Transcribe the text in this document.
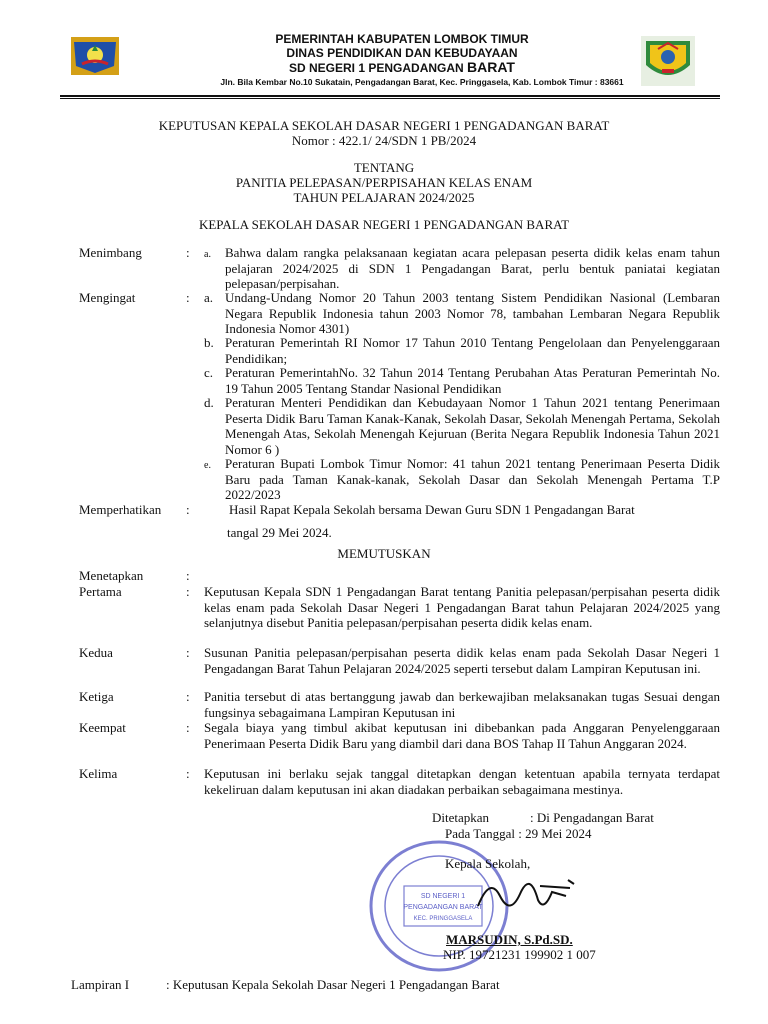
PEMERINTAH KABUPATEN LOMBOK TIMUR
DINAS PENDIDIKAN DAN KEBUDAYAAN
SD NEGERI 1 PENGADANGAN BARAT
Jln. Bila Kembar No.10 Sukatain, Pengadangan Barat, Kec. Pringgasela, Kab. Lombok Timur : 83661
KEPUTUSAN KEPALA SEKOLAH DASAR NEGERI 1 PENGADANGAN BARAT
Nomor : 422.1/ 24/SDN 1 PB/2024
TENTANG
PANITIA PELEPASAN/PERPISAHAN KELAS ENAM
TAHUN PELAJARAN 2024/2025
KEPALA SEKOLAH DASAR NEGERI 1 PENGADANGAN BARAT
Menimbang	: a. Bahwa dalam rangka pelaksanaan kegiatan acara pelepasan peserta didik kelas enam tahun pelajaran 2024/2025 di SDN 1 Pengadangan Barat, perlu bentuk paniatai kegiatan pelepasan/perpisahan.
Mengingat	: a. Undang-Undang Nomor 20 Tahun 2003 tentang Sistem Pendidikan Nasional (Lembaran Negara Republik Indonesia tahun 2003 Nomor 78, tambahan Lembaran Negara Republik Indonesia Nomor 4301)
b. Peraturan Pemerintah RI Nomor 17 Tahun 2010 Tentang Pengelolaan dan Penyelenggaraan Pendidikan;
c. Peraturan PemerintahNo. 32 Tahun 2014 Tentang Perubahan Atas Peraturan Pemerintah No. 19 Tahun 2005 Tentang Standar Nasional Pendidikan
d. Peraturan Menteri Pendidikan dan Kebudayaan Nomor 1 Tahun 2021 tentang Penerimaan Peserta Didik Baru Taman Kanak-Kanak, Sekolah Dasar, Sekolah Menengah Pertama, Sekolah Menengah Atas, Sekolah Menengah Kejuruan (Berita Negara Republik Indonesia Tahun 2021 Nomor 6 )
e. Peraturan Bupati Lombok Timur Nomor: 41 tahun 2021 tentang Penerimaan Peserta Didik Baru pada Taman Kanak-kanak, Sekolah Dasar dan Sekolah Menengah Pertama T.P 2022/2023
Memperhatikan :	Hasil Rapat Kepala Sekolah bersama Dewan Guru SDN 1 Pengadangan Barat
tangal 29 Mei 2024.
MEMUTUSKAN
Menetapkan	:
Pertama	: Keputusan Kepala SDN 1 Pengadangan Barat tentang Panitia pelepasan/perpisahan peserta didik kelas enam pada Sekolah Dasar Negeri 1 Pengadangan Barat tahun Pelajaran 2024/2025 yang selanjutnya disebut Panitia pelepasan/perpisahan peserta didik kelas enam.
Kedua	: Susunan Panitia pelepasan/perpisahan peserta didik kelas enam pada Sekolah Dasar Negeri 1 Pengadangan Barat Tahun Pelajaran 2024/2025 seperti tersebut dalam Lampiran Keputusan ini.
Ketiga	: Panitia tersebut di atas bertanggung jawab dan berkewajiban melaksanakan tugas Sesuai dengan fungsinya sebagaimana Lampiran Keputusan ini
Keempat	: Segala biaya yang timbul akibat keputusan ini dibebankan pada Anggaran Penyelenggaraan Penerimaan Peserta Didik Baru yang diambil dari dana BOS Tahap II Tahun Anggaran 2024.
Kelima	: Keputusan ini berlaku sejak tanggal ditetapkan dengan ketentuan apabila ternyata terdapat kekeliruan dalam keputusan ini akan diadakan perbaikan sebagaimana mestinya.
Ditetapkan	: Di Pengadangan Barat
Pada Tanggal : 29 Mei 2024
SD NEGERI 1
PENGADANGAN BARAT
KEC. PRINGGASELA
Kepala Sekolah,
MARSUDIN, S.Pd.SD.
NIP. 19721231 199902 1 007
Lampiran I	: Keputusan Kepala Sekolah Dasar Negeri 1 Pengadangan Barat
